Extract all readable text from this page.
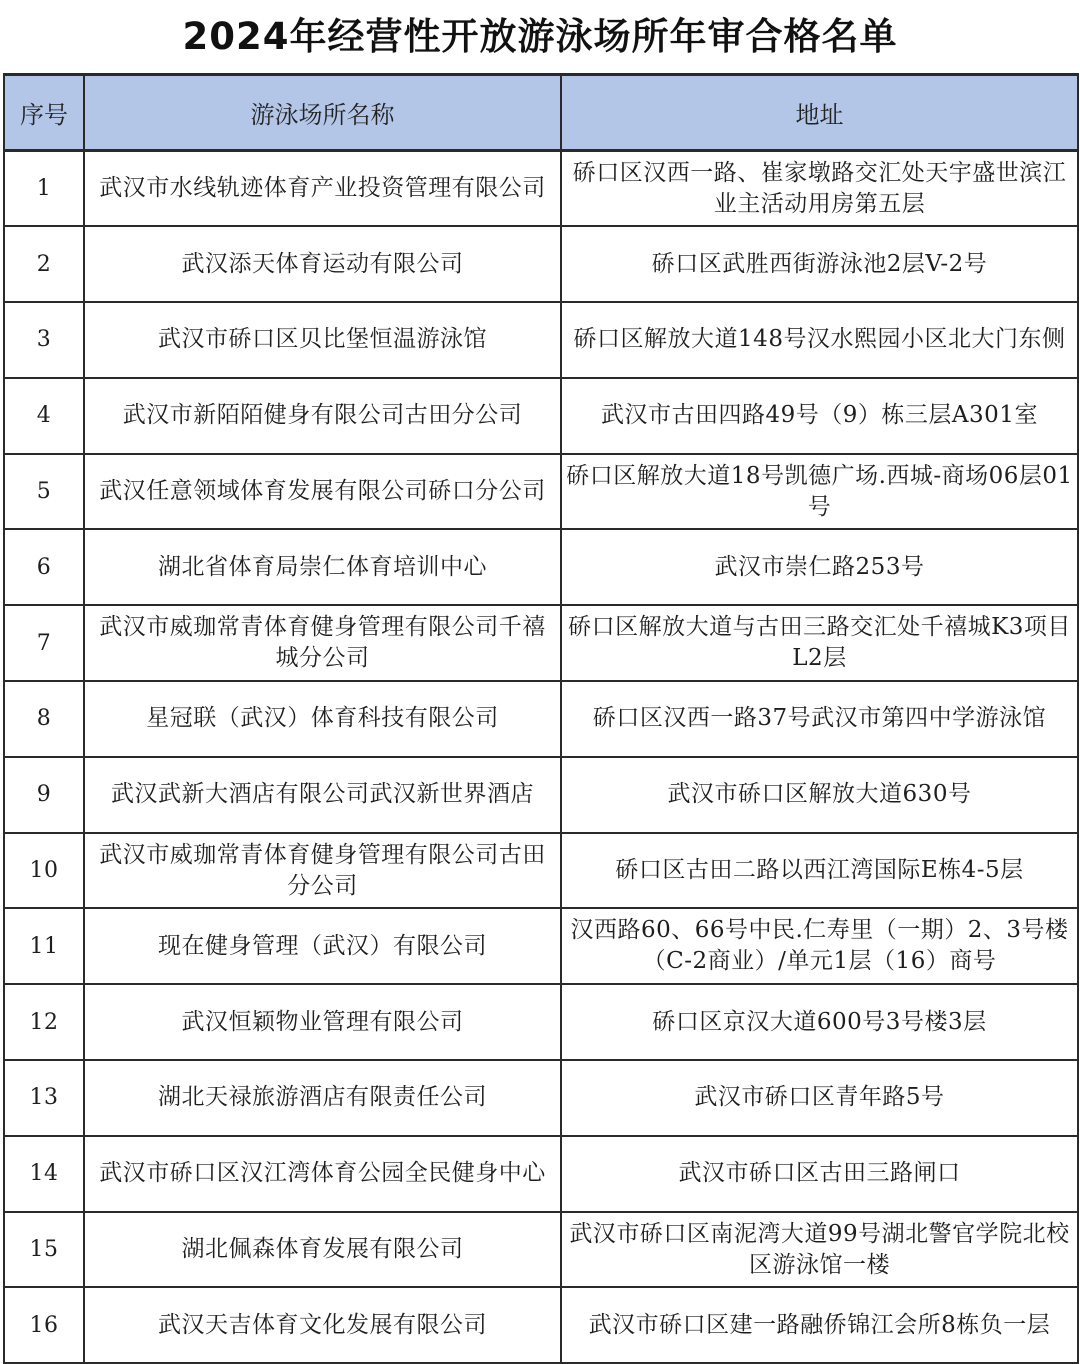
2024年经营性开放游泳场所年审合格名单
序号	游泳场所名称	地址
1	武汉市水线轨迹体育产业投资管理有限公司	硚口区汉西一路、崔家墩路交汇处天宇盛世滨江业主活动用房第五层
2	武汉添天体育运动有限公司	硚口区武胜西街游泳池2层V-2号
3	武汉市硚口区贝比堡恒温游泳馆	硚口区解放大道148号汉水熙园小区北大门东侧
4	武汉市新陌陌健身有限公司古田分公司	武汉市古田四路49号（9）栋三层A301室
5	武汉任意领域体育发展有限公司硚口分公司	硚口区解放大道18号凯德广场.西城-商场06层01号
6	湖北省体育局崇仁体育培训中心	武汉市崇仁路253号
7	武汉市威珈常青体育健身管理有限公司千禧城分公司	硚口区解放大道与古田三路交汇处千禧城K3项目L2层
8	星冠联（武汉）体育科技有限公司	硚口区汉西一路37号武汉市第四中学游泳馆
9	武汉武新大酒店有限公司武汉新世界酒店	武汉市硚口区解放大道630号
10	武汉市威珈常青体育健身管理有限公司古田分公司	硚口区古田二路以西江湾国际E栋4-5层
11	现在健身管理（武汉）有限公司	汉西路60、66号中民.仁寿里（一期）2、3号楼（C-2商业）/单元1层（16）商号
12	武汉恒颖物业管理有限公司	硚口区京汉大道600号3号楼3层
13	湖北天禄旅游酒店有限责任公司	武汉市硚口区青年路5号
14	武汉市硚口区汉江湾体育公园全民健身中心	武汉市硚口区古田三路闸口
15	湖北佩森体育发展有限公司	武汉市硚口区南泥湾大道99号湖北警官学院北校区游泳馆一楼
16	武汉天吉体育文化发展有限公司	武汉市硚口区建一路融侨锦江会所8栋负一层
